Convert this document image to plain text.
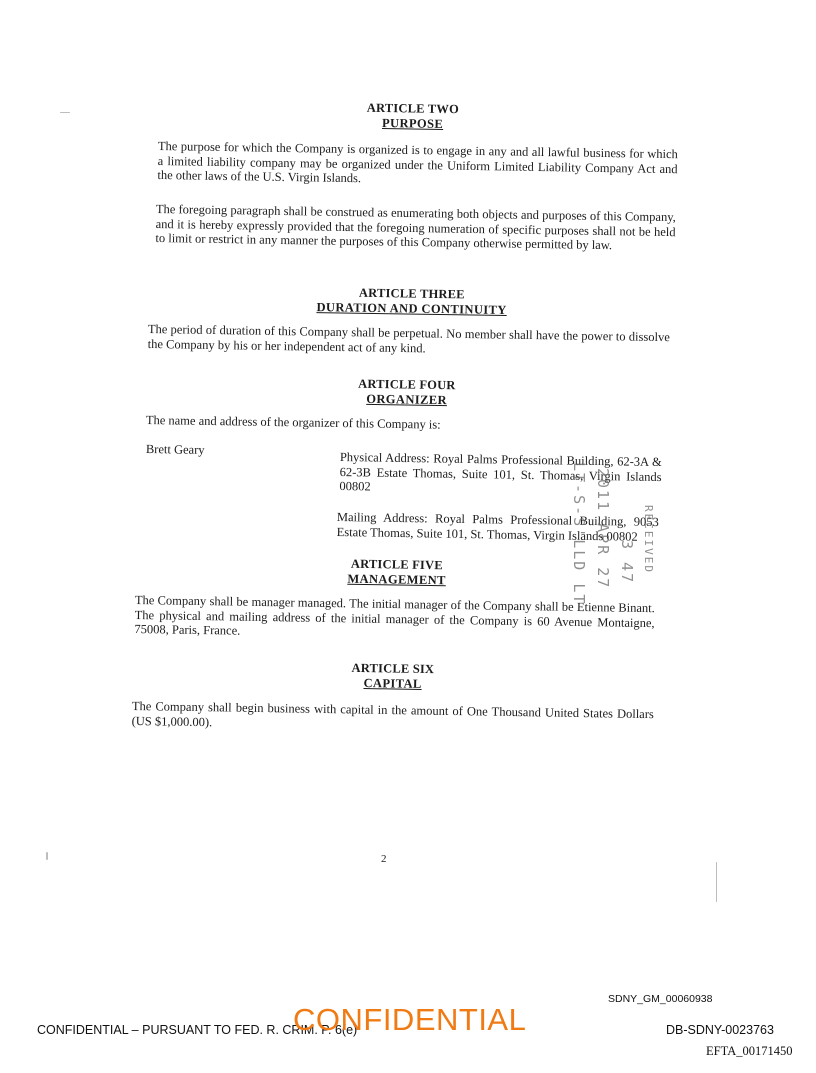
ARTICLE TWO
PURPOSE
The purpose for which the Company is organized is to engage in any and all lawful business for which a limited liability company may be organized under the Uniform Limited Liability Company Act and the other laws of the U.S. Virgin Islands.
The foregoing paragraph shall be construed as enumerating both objects and purposes of this Company, and it is hereby expressly provided that the foregoing numeration of specific purposes shall not be held to limit or restrict in any manner the purposes of this Company otherwise permitted by law.
ARTICLE THREE
DURATION AND CONTINUITY
The period of duration of this Company shall be perpetual. No member shall have the power to dissolve the Company by his or her independent act of any kind.
ARTICLE FOUR
ORGANIZER
The name and address of the organizer of this Company is:
Brett Geary
Physical Address: Royal Palms Professional Building, 62-3A & 62-3B Estate Thomas, Suite 101, St. Thomas, Virgin Islands 00802
Mailing Address: Royal Palms Professional Building, 9053 Estate Thomas, Suite 101, St. Thomas, Virgin Islands 00802
ARTICLE FIVE
MANAGEMENT
The Company shall be manager managed. The initial manager of the Company shall be Etienne Binant. The physical and mailing address of the initial manager of the Company is 60 Avenue Montaigne, 75008, Paris, France.
ARTICLE SIX
CAPITAL
The Company shall begin business with capital in the amount of One Thousand United States Dollars (US $1,000.00).
LT-S-S'LLD LT 2011 APR 27 3 47 RECEIVED
2
SDNY_GM_00060938
CONFIDENTIAL – PURSUANT TO FED. R. CRIM. P. 6(e)
CONFIDENTIAL	DB-SDNY-0023763
EFTA_00171450
